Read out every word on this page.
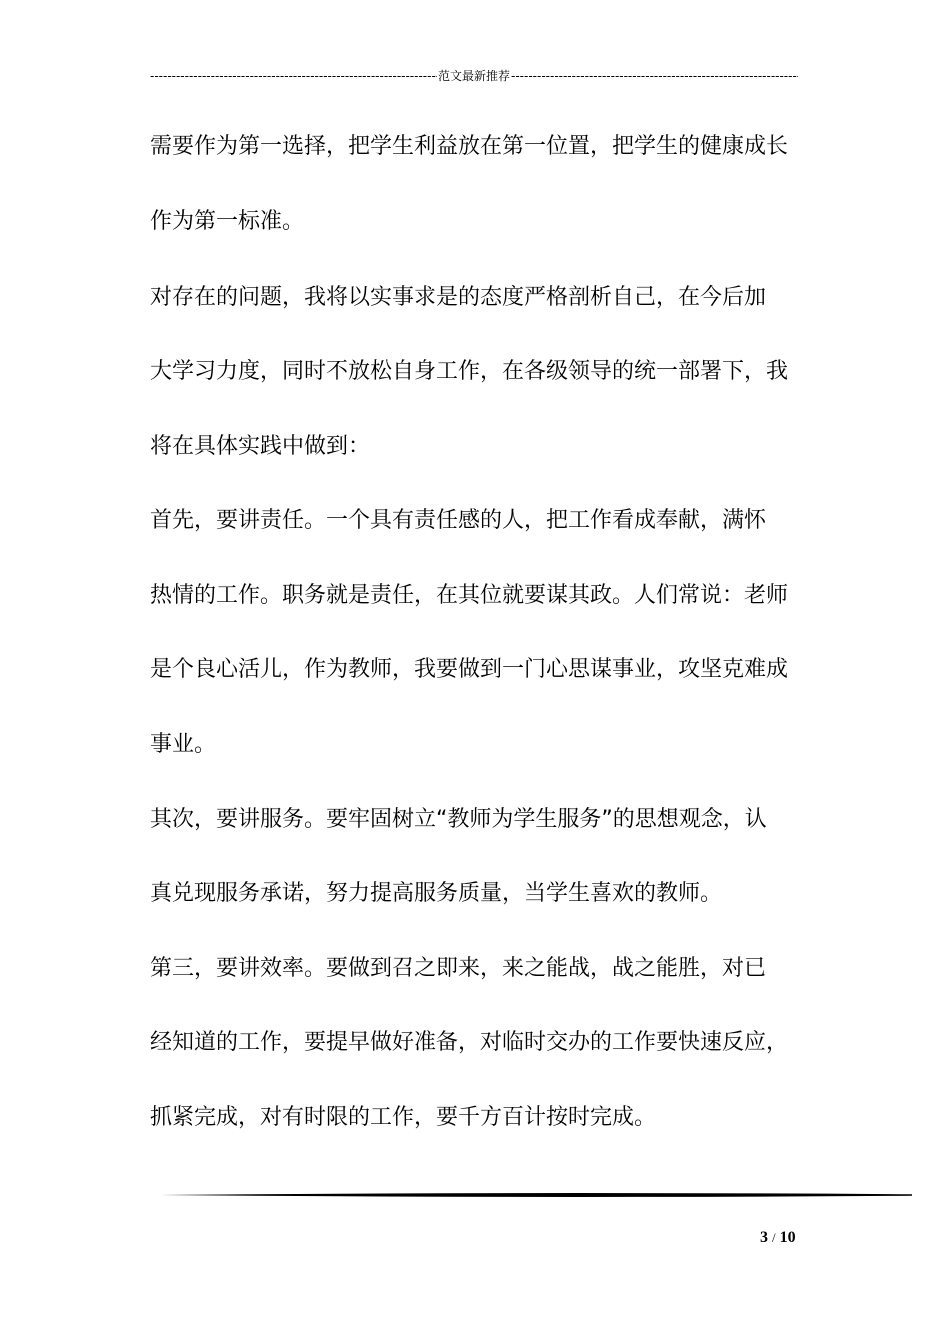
-----
范文最新推荐
-----
需要作为第一选择，把学生利益放在第一位置，把学生的健康成长
作为第一标准。
对存在的问题，我将以实事求是的态度严格剖析自己，在今后加
大学习力度，同时不放松自身工作，在各级领导的统一部署下，我
将在具体实践中做到：
首先，要讲责任。一个具有责任感的人，把工作看成奉献，满怀
热情的工作。职务就是责任，在其位就要谋其政。人们常说：老师
是个良心活儿，作为教师，我要做到一门心思谋事业，攻坚克难成
事业。
其次，要讲服务。要牢固树立“教师为学生服务”的思想观念，认
真兑现服务承诺，努力提高服务质量，当学生喜欢的教师。
第三，要讲效率。要做到召之即来，来之能战，战之能胜，对已
经知道的工作，要提早做好准备，对临时交办的工作要快速反应，
抓紧完成，对有时限的工作，要千方百计按时完成。
3 / 10
